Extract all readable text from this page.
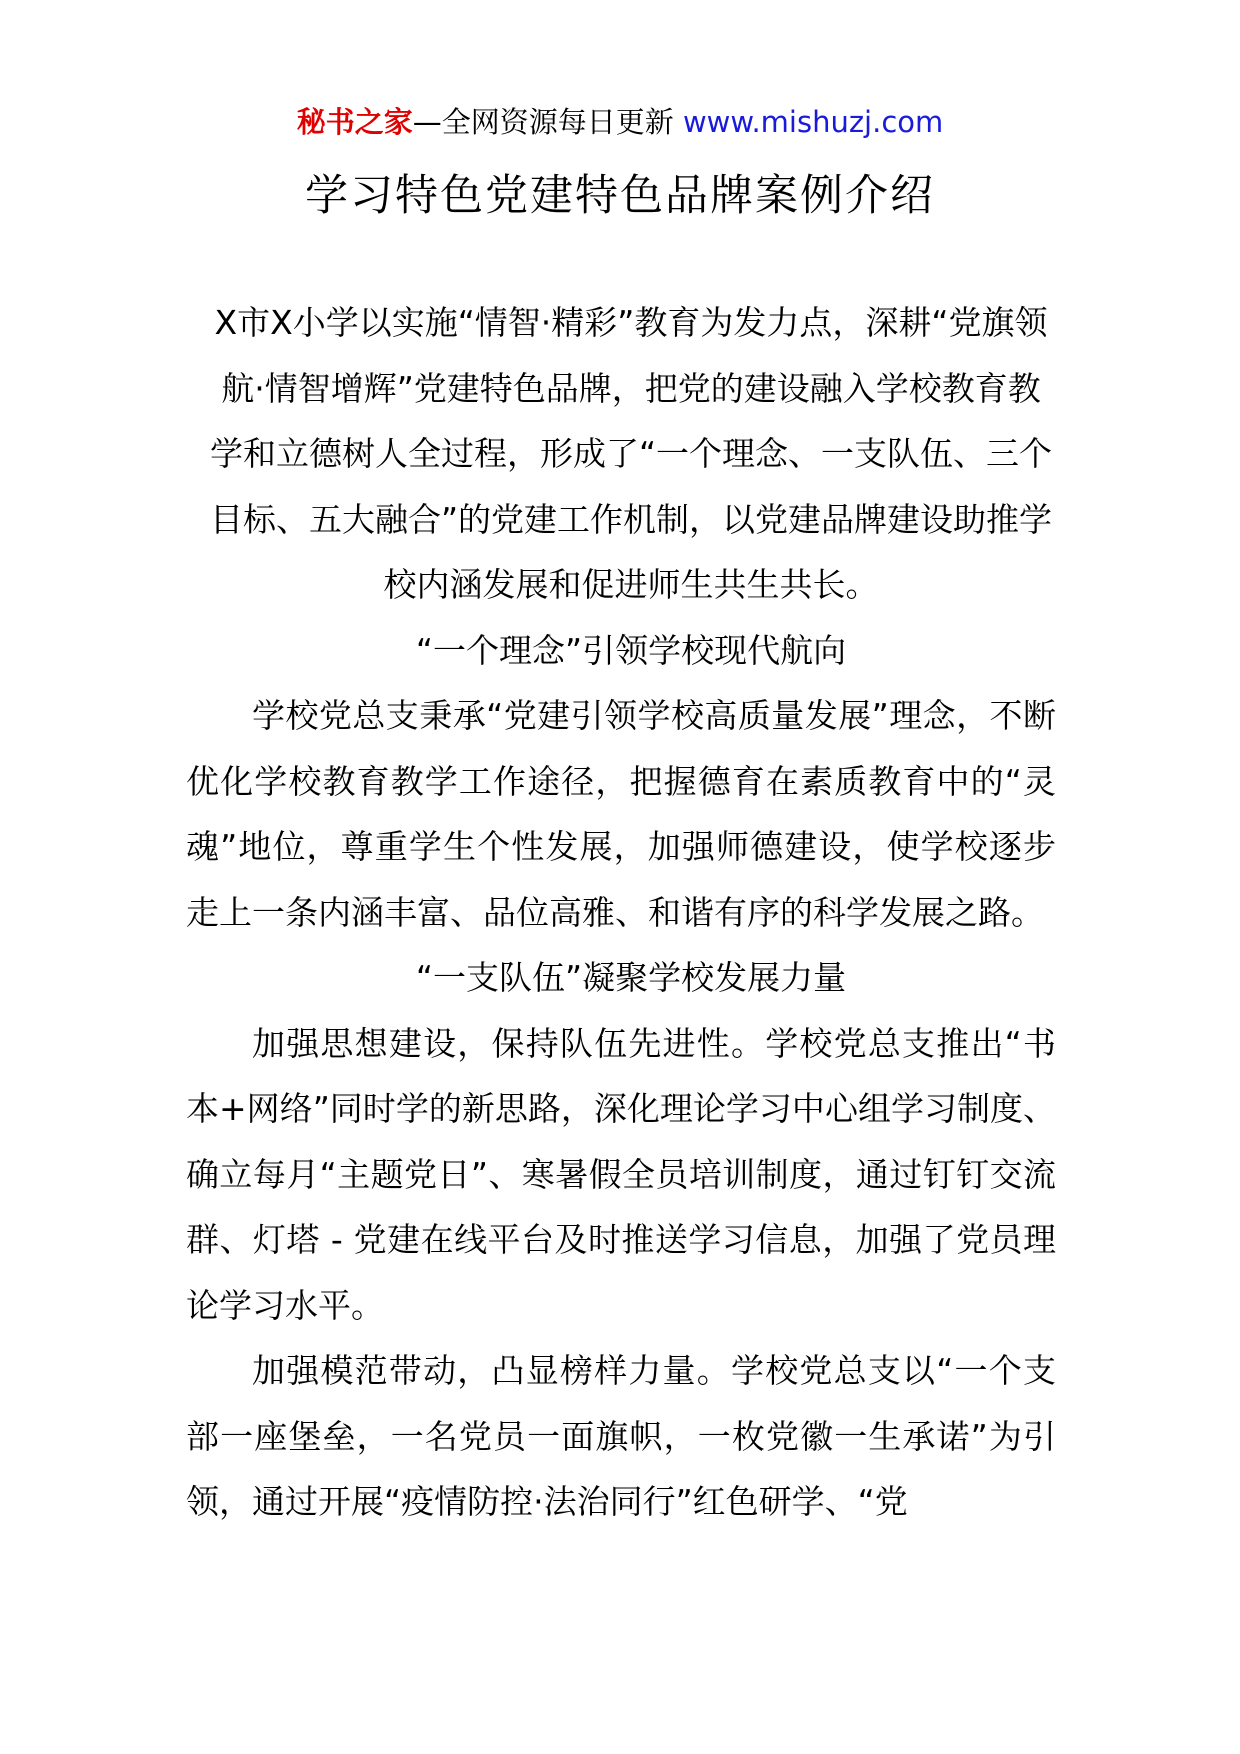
秘书之家—全网资源每日更新 www.mishuzj.com
学习特色党建特色品牌案例介绍

X市X小学以实施“情智·精彩”教育为发力点，深耕“党旗领航·情智增辉”党建特色品牌，把党的建设融入学校教育教学和立德树人全过程，形成了“一个理念、一支队伍、三个目标、五大融合”的党建工作机制，以党建品牌建设助推学校内涵发展和促进师生共生共长。

“一个理念”引领学校现代航向

学校党总支秉承“党建引领学校高质量发展”理念，不断优化学校教育教学工作途径，把握德育在素质教育中的“灵魂”地位，尊重学生个性发展，加强师德建设，使学校逐步走上一条内涵丰富、品位高雅、和谐有序的科学发展之路。

“一支队伍”凝聚学校发展力量

加强思想建设，保持队伍先进性。学校党总支推出“书本+网络”同时学的新思路，深化理论学习中心组学习制度、确立每月“主题党日”、寒暑假全员培训制度，通过钉钉交流群、灯塔 - 党建在线平台及时推送学习信息，加强了党员理论学习水平。

加强模范带动，凸显榜样力量。学校党总支以“一个支部一座堡垒，一名党员一面旗帜，一枚党徽一生承诺”为引领，通过开展“疫情防控·法治同行”红色研学、“党
